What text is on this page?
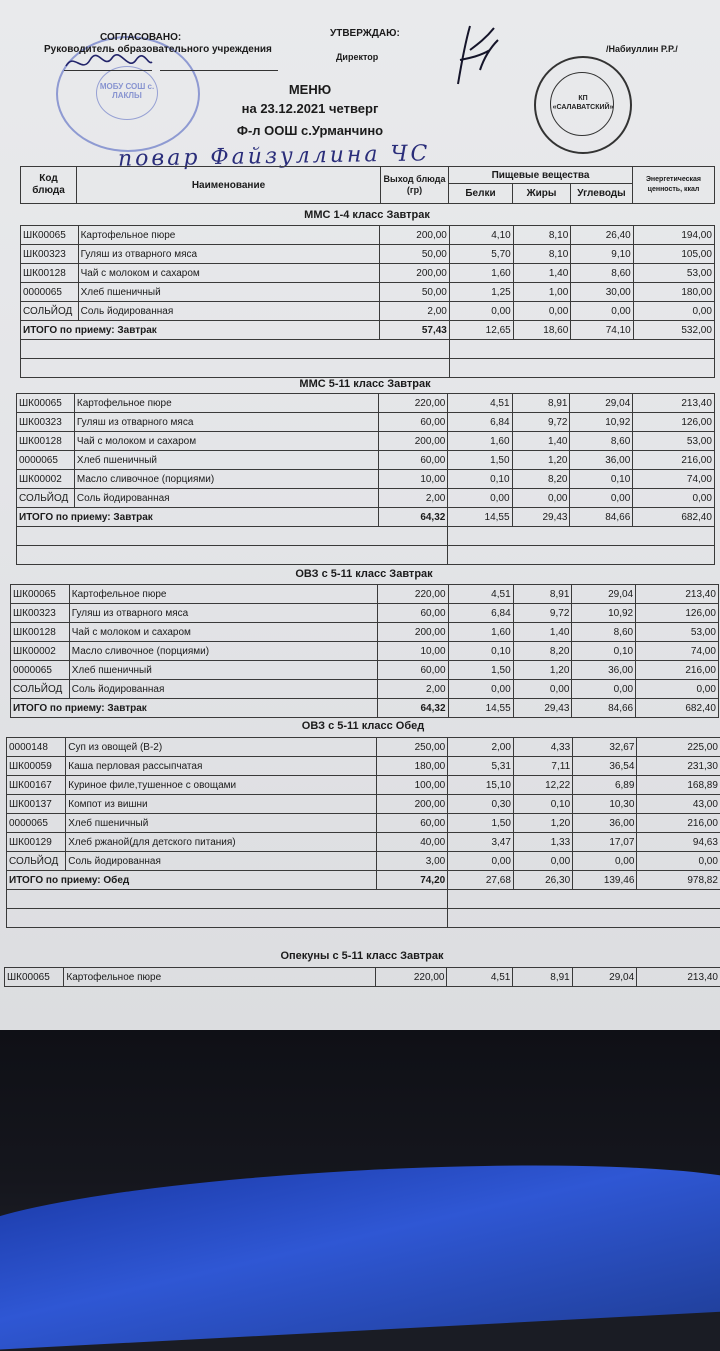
МОБУ СОШ с. ЛАКЛЫ
СОГЛАСОВАНО:
Руководитель образовательного учреждения
УТВЕРЖДАЮ:
Директор
/Набиуллин Р.Р./
КП «САЛАВАТСКИЙ»
МЕНЮ
на 23.12.2021 четверг
Ф-л ООШ с.Урманчино
повар Файзуллина ЧС
Код блюда	Наименование	Выход блюда (гр)	Пищевые вещества			Энергетическая ценность, ккал
			Белки	Жиры	Углеводы	
ММС 1-4 класс Завтрак
ШК00065	Картофельное пюре	200,00	4,10	8,10	26,40	194,00
ШК00323	Гуляш из отварного мяса	50,00	5,70	8,10	9,10	105,00
ШК00128	Чай с молоком и сахаром	200,00	1,60	1,40	8,60	53,00
0000065	Хлеб пшеничный	50,00	1,25	1,00	30,00	180,00
СОЛЬЙОД	Соль йодированная	2,00	0,00	0,00	0,00	0,00
ИТОГО по приему: Завтрак		57,43	12,65	18,60	74,10	532,00

ММС 5-11 класс Завтрак
ШК00065	Картофельное пюре	220,00	4,51	8,91	29,04	213,40
ШК00323	Гуляш из отварного мяса	60,00	6,84	9,72	10,92	126,00
ШК00128	Чай с молоком и сахаром	200,00	1,60	1,40	8,60	53,00
0000065	Хлеб пшеничный	60,00	1,50	1,20	36,00	216,00
ШК00002	Масло сливочное (порциями)	10,00	0,10	8,20	0,10	74,00
СОЛЬЙОД	Соль йодированная	2,00	0,00	0,00	0,00	0,00
ИТОГО по приему: Завтрак		64,32	14,55	29,43	84,66	682,40

ОВЗ с 5-11 класс Завтрак
ШК00065	Картофельное пюре	220,00	4,51	8,91	29,04	213,40
ШК00323	Гуляш из отварного мяса	60,00	6,84	9,72	10,92	126,00
ШК00128	Чай с молоком и сахаром	200,00	1,60	1,40	8,60	53,00
ШК00002	Масло сливочное (порциями)	10,00	0,10	8,20	0,10	74,00
0000065	Хлеб пшеничный	60,00	1,50	1,20	36,00	216,00
СОЛЬЙОД	Соль йодированная	2,00	0,00	0,00	0,00	0,00
ИТОГО по приему: Завтрак		64,32	14,55	29,43	84,66	682,40
ОВЗ с 5-11 класс Обед
0000148	Суп из овощей (В-2)	250,00	2,00	4,33	32,67	225,00
ШК00059	Каша перловая рассыпчатая	180,00	5,31	7,11	36,54	231,30
ШК00167	Куриное филе,тушенное с овощами	100,00	15,10	12,22	6,89	168,89
ШК00137	Компот из вишни	200,00	0,30	0,10	10,30	43,00
0000065	Хлеб пшеничный	60,00	1,50	1,20	36,00	216,00
ШК00129	Хлеб ржаной(для детского питания)	40,00	3,47	1,33	17,07	94,63
СОЛЬЙОД	Соль йодированная	3,00	0,00	0,00	0,00	0,00
ИТОГО по приему: Обед		74,20	27,68	26,30	139,46	978,82

Опекуны с 5-11 класс Завтрак
ШК00065	Картофельное пюре	220,00	4,51	8,91	29,04	213,40
